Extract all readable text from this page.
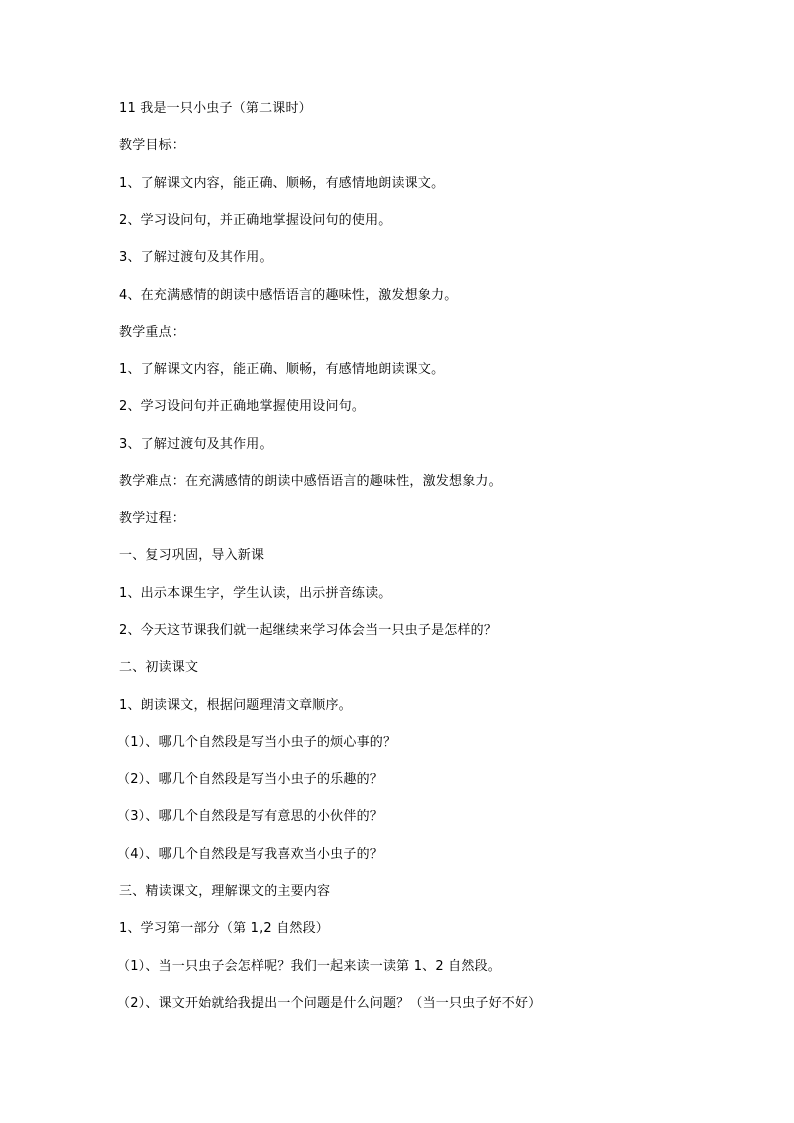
11 我是一只小虫子（第二课时）
教学目标：
1、了解课文内容，能正确、顺畅，有感情地朗读课文。
2、学习设问句，并正确地掌握设问句的使用。
3、了解过渡句及其作用。
4、在充满感情的朗读中感悟语言的趣味性，激发想象力。
教学重点：
1、了解课文内容，能正确、顺畅，有感情地朗读课文。
2、学习设问句并正确地掌握使用设问句。
3、了解过渡句及其作用。
教学难点：在充满感情的朗读中感悟语言的趣味性，激发想象力。
教学过程：
一、复习巩固，导入新课
1、出示本课生字，学生认读，出示拼音练读。
2、今天这节课我们就一起继续来学习体会当一只虫子是怎样的？
二、初读课文
1、朗读课文，根据问题理清文章顺序。
（1）、哪几个自然段是写当小虫子的烦心事的？
（2）、哪几个自然段是写当小虫子的乐趣的？
（3）、哪几个自然段是写有意思的小伙伴的？
（4）、哪几个自然段是写我喜欢当小虫子的？
三、精读课文，理解课文的主要内容
1、学习第一部分（第 1,2 自然段）
（1）、当一只虫子会怎样呢？我们一起来读一读第 1、2 自然段。
（2）、课文开始就给我提出一个问题是什么问题？（当一只虫子好不好）
